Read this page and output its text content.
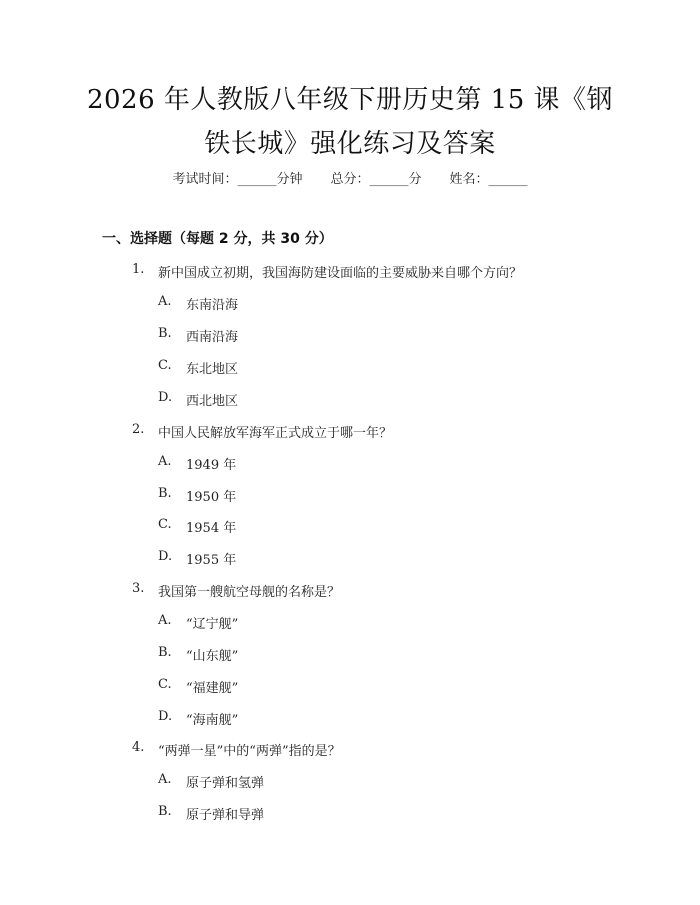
2026 年人教版八年级下册历史第 15 课《钢
铁长城》强化练习及答案
考试时间：______分钟 总分：______分 姓名：______
一、选择题（每题 2 分，共 30 分）
1. 新中国成立初期，我国海防建设面临的主要威胁来自哪个方向？
A. 东南沿海
B. 西南沿海
C. 东北地区
D. 西北地区
2. 中国人民解放军海军正式成立于哪一年？
A. 1949 年
B. 1950 年
C. 1954 年
D. 1955 年
3. 我国第一艘航空母舰的名称是？
A. “辽宁舰”
B. “山东舰”
C. “福建舰”
D. “海南舰”
4. “两弹一星”中的“两弹”指的是？
A. 原子弹和氢弹
B. 原子弹和导弹
